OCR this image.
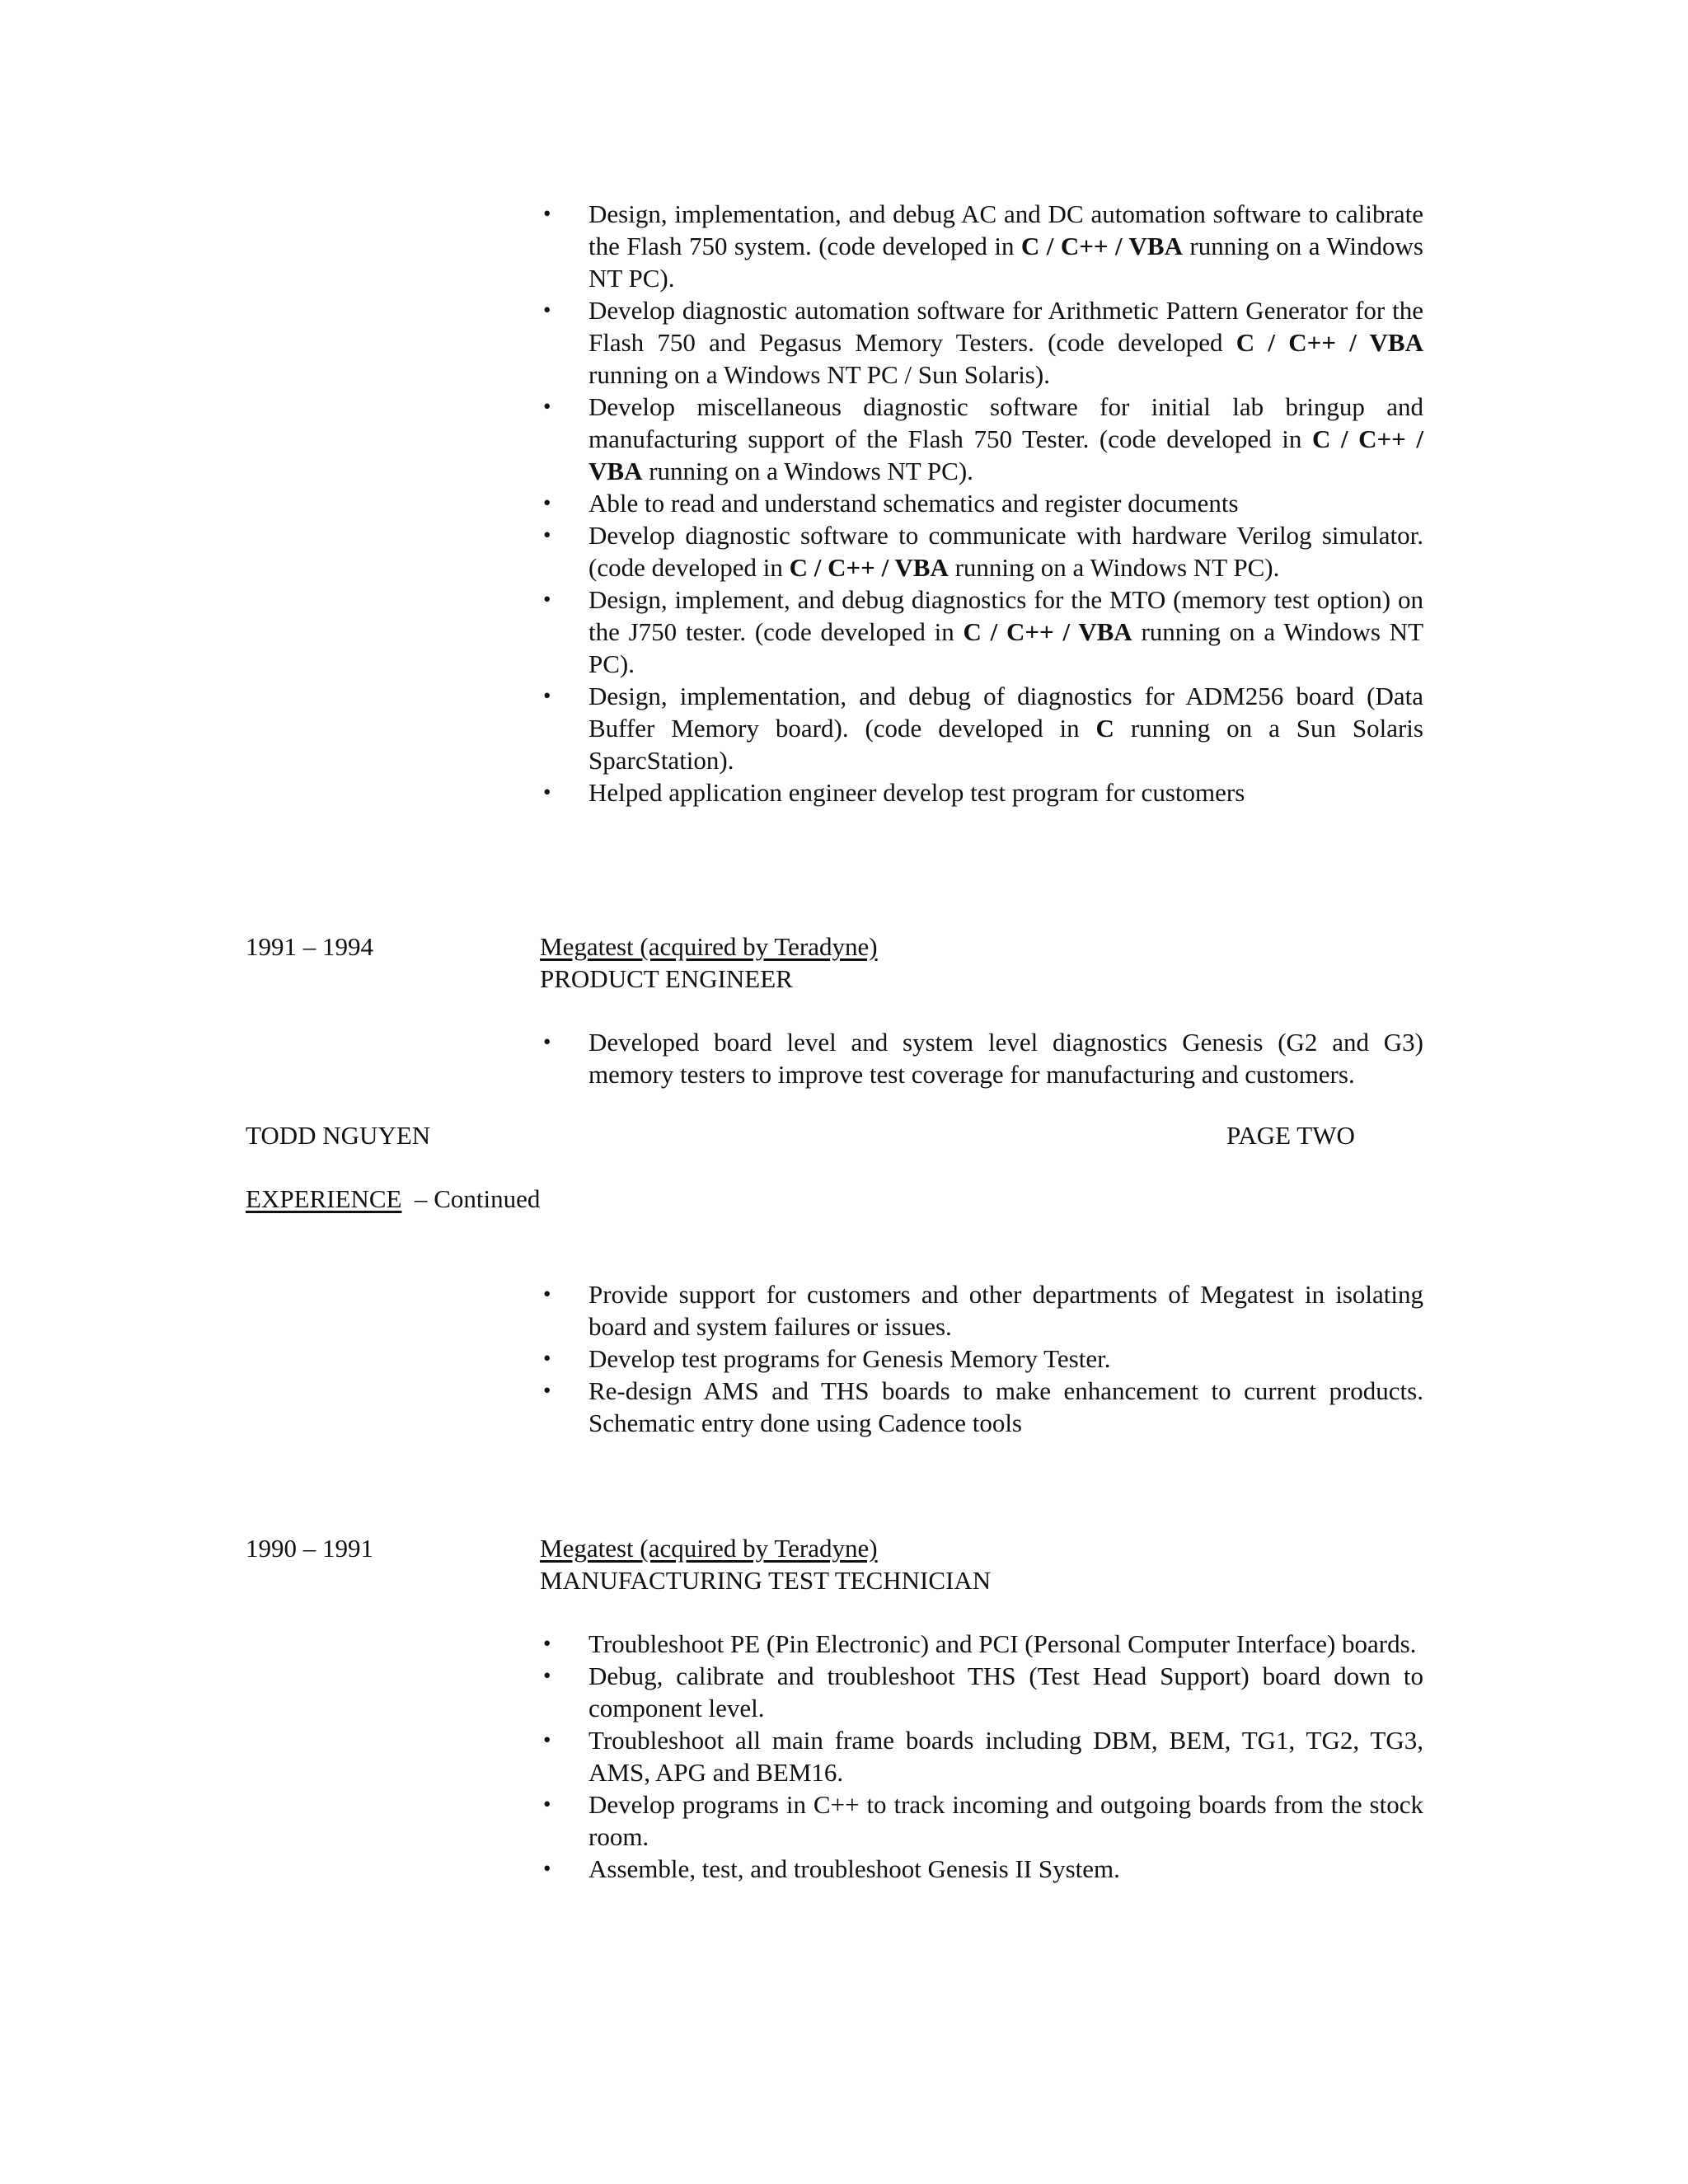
• Design, implementation, and debug AC and DC automation software to calibrate the Flash 750 system. (code developed in C / C++ / VBA running on a Windows NT PC).
• Develop diagnostic automation software for Arithmetic Pattern Generator for the Flash 750 and Pegasus Memory Testers. (code developed C / C++ / VBA running on a Windows NT PC / Sun Solaris).
• Develop miscellaneous diagnostic software for initial lab bringup and manufacturing support of the Flash 750 Tester. (code developed in C / C++ / VBA running on a Windows NT PC).
• Able to read and understand schematics and register documents
• Develop diagnostic software to communicate with hardware Verilog simulator. (code developed in C / C++ / VBA running on a Windows NT PC).
• Design, implement, and debug diagnostics for the MTO (memory test option) on the J750 tester. (code developed in C / C++ / VBA running on a Windows NT PC).
• Design, implementation, and debug of diagnostics for ADM256 board (Data Buffer Memory board). (code developed in C running on a Sun Solaris SparcStation).
• Helped application engineer develop test program for customers
1991 – 1994	Megatest (acquired by Teradyne)
PRODUCT ENGINEER
• Developed board level and system level diagnostics Genesis (G2 and G3) memory testers to improve test coverage for manufacturing and customers.
TODD NGUYEN	PAGE TWO
EXPERIENCE  – Continued
• Provide support for customers and other departments of Megatest in isolating board and system failures or issues.
• Develop test programs for Genesis Memory Tester.
• Re-design AMS and THS boards to make enhancement to current products. Schematic entry done using Cadence tools
1990 – 1991	Megatest (acquired by Teradyne)
MANUFACTURING TEST TECHNICIAN
• Troubleshoot PE (Pin Electronic) and PCI (Personal Computer Interface) boards.
• Debug, calibrate and troubleshoot THS (Test Head Support) board down to component level.
• Troubleshoot all main frame boards including DBM, BEM, TG1, TG2, TG3, AMS, APG and BEM16.
• Develop programs in C++ to track incoming and outgoing boards from the stock room.
• Assemble, test, and troubleshoot Genesis II System.
